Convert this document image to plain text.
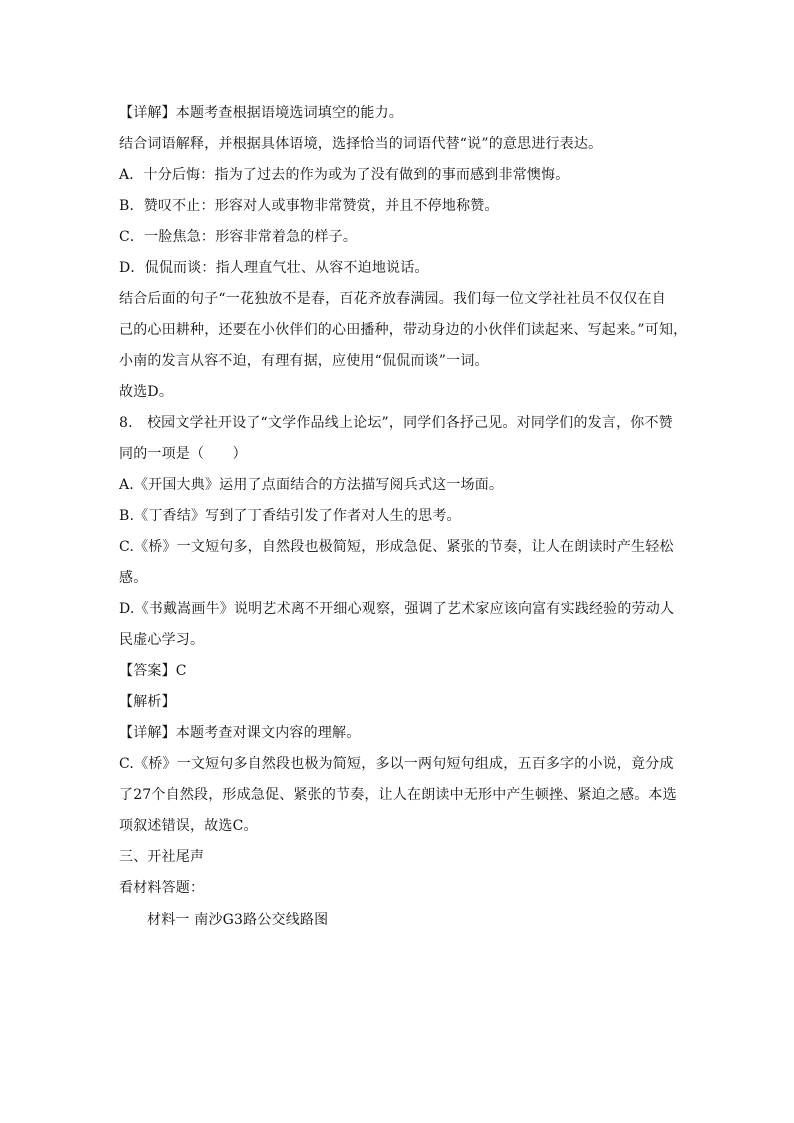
【详解】本题考查根据语境选词填空的能力。
结合词语解释，并根据具体语境，选择恰当的词语代替“说”的意思进行表达。
A．十分后悔：指为了过去的作为或为了没有做到的事而感到非常懊悔。
B．赞叹不止：形容对人或事物非常赞赏，并且不停地称赞。
C．一脸焦急：形容非常着急的样子。
D．侃侃而谈：指人理直气壮、从容不迫地说话。
结合后面的句子“一花独放不是春，百花齐放春满园。我们每一位文学社社员不仅仅在自
己的心田耕种，还要在小伙伴们的心田播种，带动身边的小伙伴们读起来、写起来。”可知，
小南的发言从容不迫，有理有据，应使用“侃侃而谈”一词。
故选D。
8.　校园文学社开设了“文学作品线上论坛”，同学们各抒己见。对同学们的发言，你不赞
同的一项是（　　）
A.《开国大典》运用了点面结合的方法描写阅兵式这一场面。
B.《丁香结》写到了丁香结引发了作者对人生的思考。
C.《桥》一文短句多，自然段也极简短，形成急促、紧张的节奏，让人在朗读时产生轻松
感。
D.《书戴嵩画牛》说明艺术离不开细心观察，强调了艺术家应该向富有实践经验的劳动人
民虚心学习。
【答案】C
【解析】
【详解】本题考查对课文内容的理解。
C.《桥》一文短句多自然段也极为简短，多以一两句短句组成，五百多字的小说，竟分成
了27个自然段，形成急促、紧张的节奏，让人在朗读中无形中产生顿挫、紧迫之感。本选
项叙述错误，故选C。
三、开社尾声
看材料答题：
材料一 南沙G3路公交线路图
